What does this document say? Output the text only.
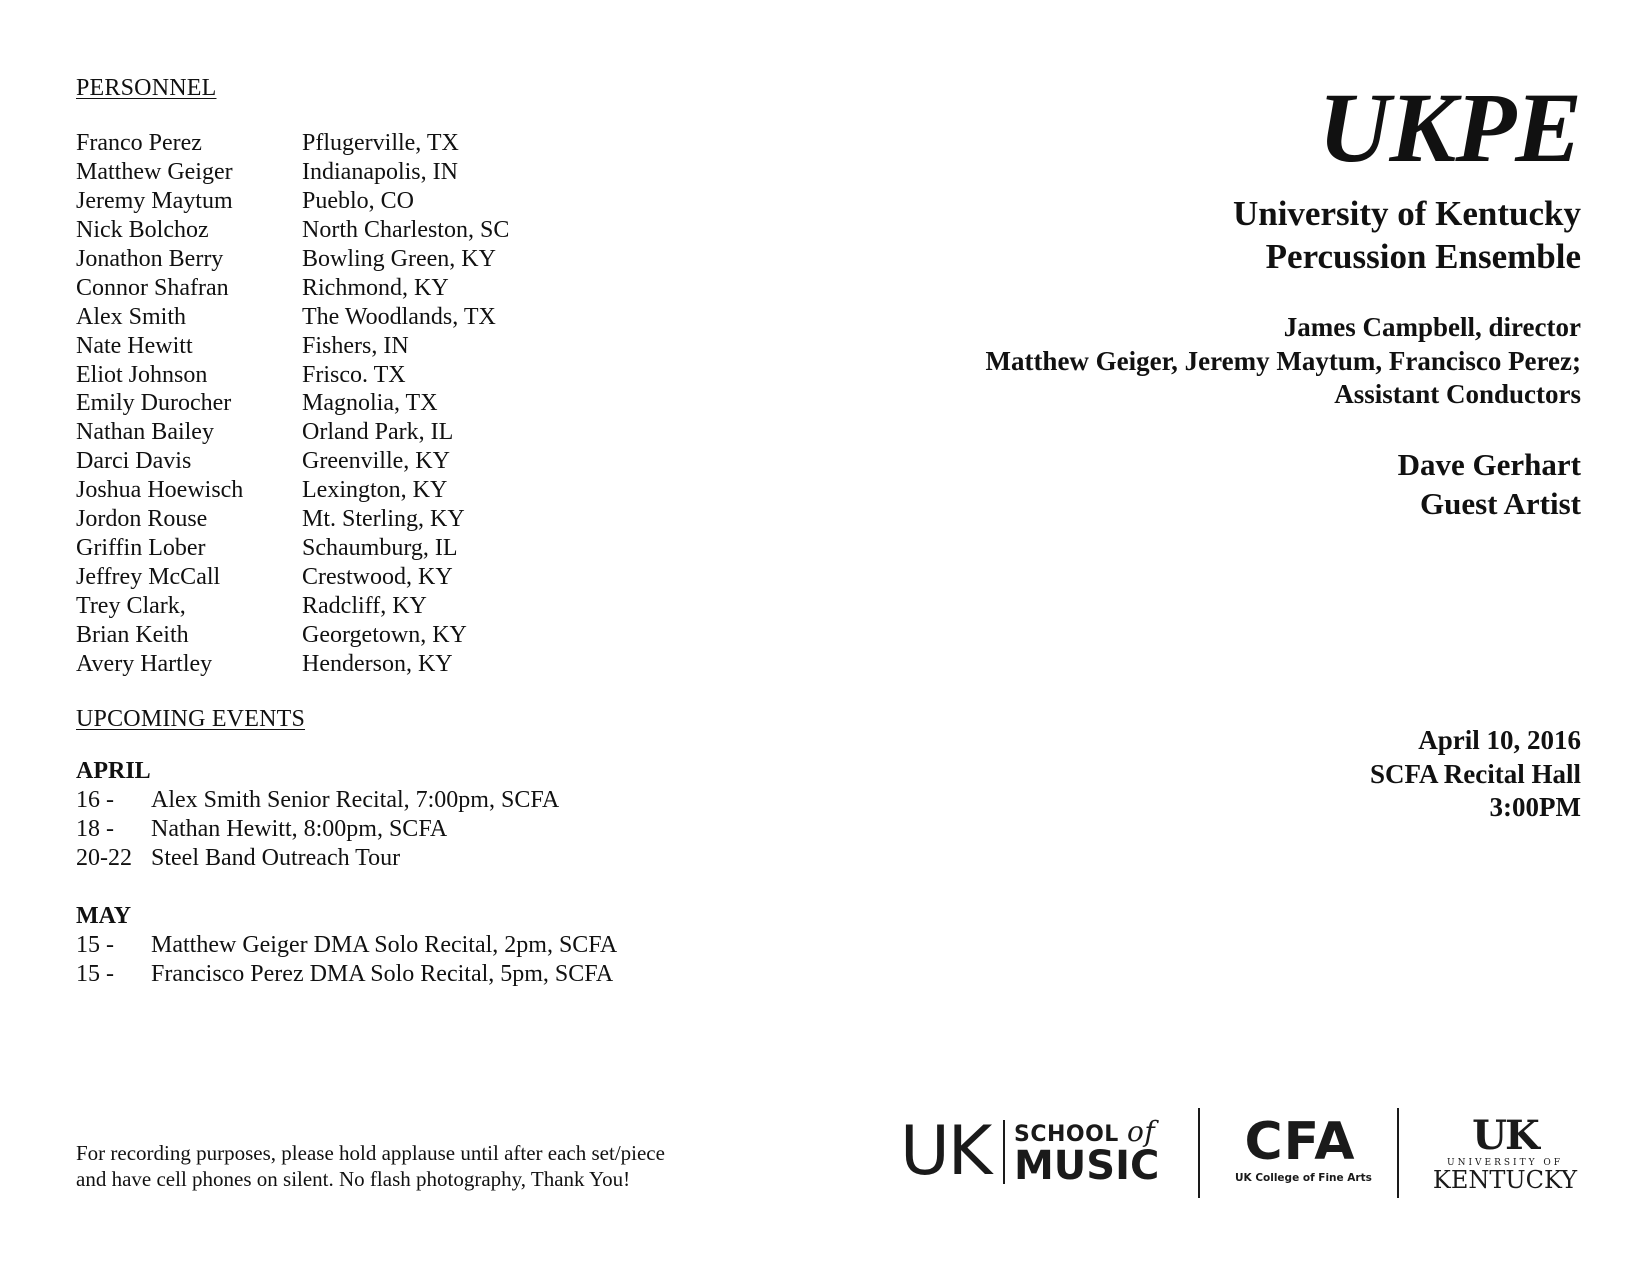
PERSONNEL
Franco Perez	Pflugerville, TX
Matthew Geiger	Indianapolis, IN
Jeremy Maytum	Pueblo, CO
Nick Bolchoz	North Charleston, SC
Jonathon Berry	Bowling Green, KY
Connor Shafran	Richmond, KY
Alex Smith	The Woodlands, TX
Nate Hewitt	Fishers, IN
Eliot Johnson	Frisco. TX
Emily Durocher	Magnolia, TX
Nathan Bailey	Orland Park, IL
Darci Davis	Greenville, KY
Joshua Hoewisch Lexington, KY
Jordon Rouse	Mt. Sterling, KY
Griffin Lober	Schaumburg, IL
Jeffrey McCall	Crestwood, KY
Trey Clark,	Radcliff, KY
Brian Keith	Georgetown, KY
Avery Hartley	Henderson, KY
UPCOMING EVENTS
APRIL
16 - Alex Smith Senior Recital, 7:00pm, SCFA
18 - Nathan Hewitt, 8:00pm, SCFA
20-22 Steel Band Outreach Tour
MAY
15 - Matthew Geiger DMA Solo Recital, 2pm, SCFA
15 - Francisco Perez DMA Solo Recital, 5pm, SCFA
For recording purposes, please hold applause until after each set/piece
and have cell phones on silent. No flash photography, Thank You!
UKPE
University of Kentucky
Percussion Ensemble
James Campbell, director
Matthew Geiger, Jeremy Maytum, Francisco Perez;
Assistant Conductors
Dave Gerhart
Guest Artist
April 10, 2016
SCFA Recital Hall
3:00PM
UK SCHOOL of
MUSIC CFA
UK College of Fine Arts
UK
UNIVERSITY OF
KENTUCKY
